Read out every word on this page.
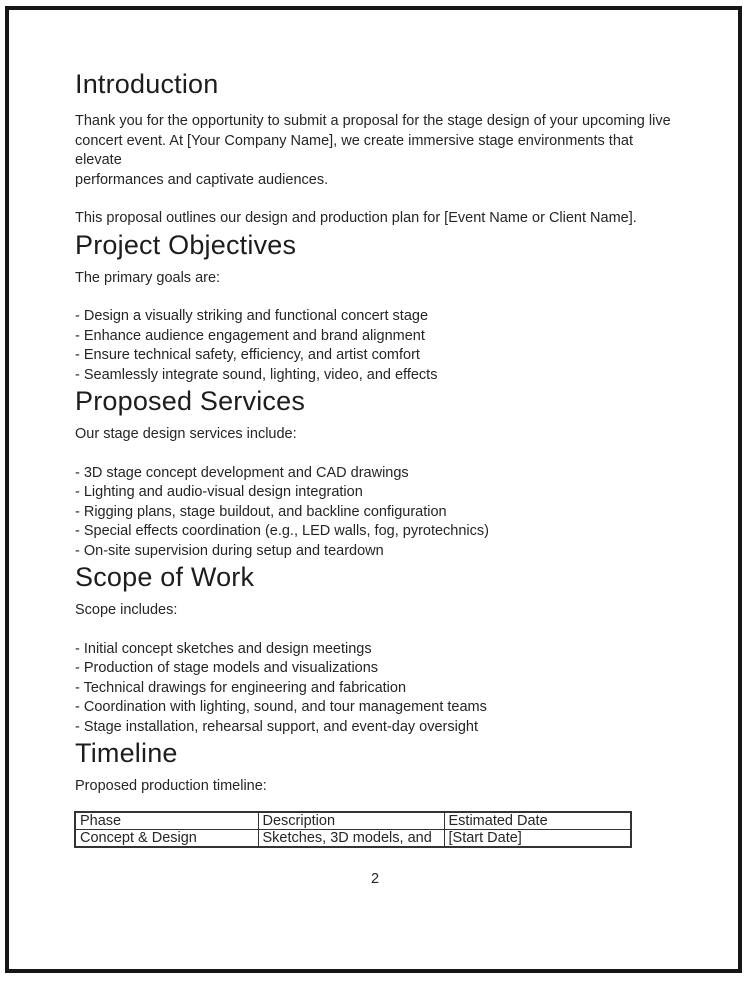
Introduction
Thank you for the opportunity to submit a proposal for the stage design of your upcoming live
concert event. At [Your Company Name], we create immersive stage environments that elevate
performances and captivate audiences.
This proposal outlines our design and production plan for [Event Name or Client Name].
Project Objectives
The primary goals are:
- Design a visually striking and functional concert stage
- Enhance audience engagement and brand alignment
- Ensure technical safety, efficiency, and artist comfort
- Seamlessly integrate sound, lighting, video, and effects
Proposed Services
Our stage design services include:
- 3D stage concept development and CAD drawings
- Lighting and audio-visual design integration
- Rigging plans, stage buildout, and backline configuration
- Special effects coordination (e.g., LED walls, fog, pyrotechnics)
- On-site supervision during setup and teardown
Scope of Work
Scope includes:
- Initial concept sketches and design meetings
- Production of stage models and visualizations
- Technical drawings for engineering and fabrication
- Coordination with lighting, sound, and tour management teams
- Stage installation, rehearsal support, and event-day oversight
Timeline
Proposed production timeline:
Phase	Description	Estimated Date
Concept & Design	Sketches, 3D models, and	[Start Date]
2
